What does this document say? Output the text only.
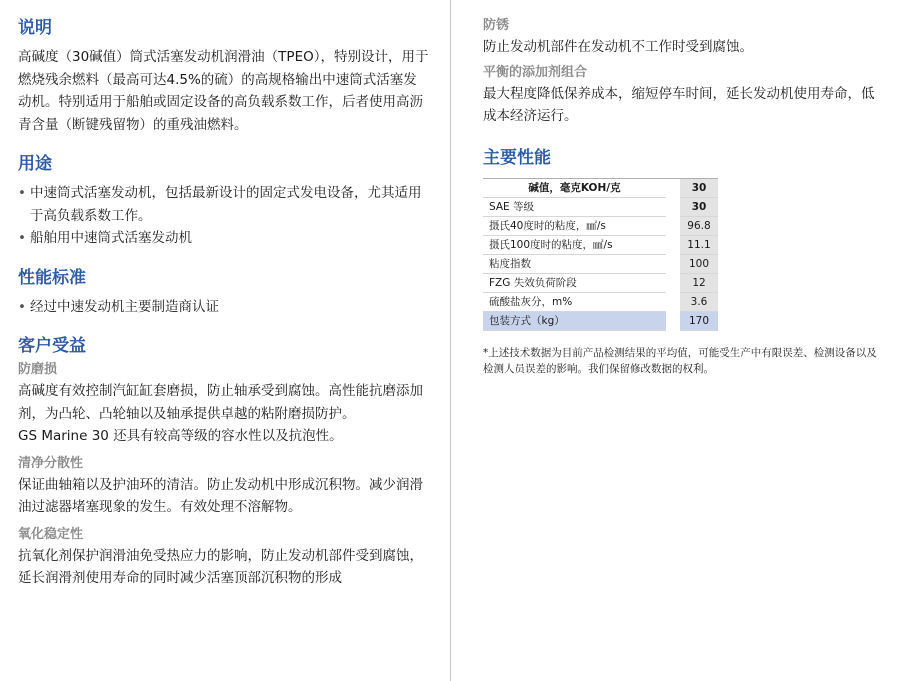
说明

高碱度（30碱值）筒式活塞发动机润滑油（TPEO），特别设计，用于燃烧残余燃料（最高可达4.5%的硫）的高规格输出中速筒式活塞发动机。特别适用于船舶或固定设备的高负载系数工作，后者使用高沥青含量（断键残留物）的重残油燃料。

用途
• 中速筒式活塞发动机，包括最新设计的固定式发电设备，尤其适用于高负载系数工作。
• 船舶用中速筒式活塞发动机
性能标准
• 经过中速发动机主要制造商认证
客户受益
防磨损

高碱度有效控制汽缸缸套磨损，防止轴承受到腐蚀。高性能抗磨添加剂，为凸轮、凸轮轴以及轴承提供卓越的粘附磨损防护。

GS Marine 30 还具有较高等级的容水性以及抗泡性。

清净分散性

保证曲轴箱以及护油环的清洁。防止发动机中形成沉积物。减少润滑油过滤器堵塞现象的发生。有效处理不溶解物。

氧化稳定性

抗氧化剂保护润滑油免受热应力的影响，防止发动机部件受到腐蚀，延长润滑剂使用寿命的同时减少活塞顶部沉积物的形成

防锈

防止发动机部件在发动机不工作时受到腐蚀。

平衡的添加剂组合

最大程度降低保养成本，缩短停车时间，延长发动机使用寿命，低成本经济运行。

主要性能
碱值，毫克KOH/克		30
SAE 等级		30
摄氏40度时的粘度，㎟/s		96.8
摄氏100度时的粘度，㎟/s		11.1
粘度指数		100
FZG 失效负荷阶段		12
硫酸盐灰分，m%		3.6
包装方式（kg）		170

*上述技术数据为目前产品检测结果的平均值，可能受生产中有限误差、检测设备以及检测人员误差的影响。我们保留修改数据的权利。
